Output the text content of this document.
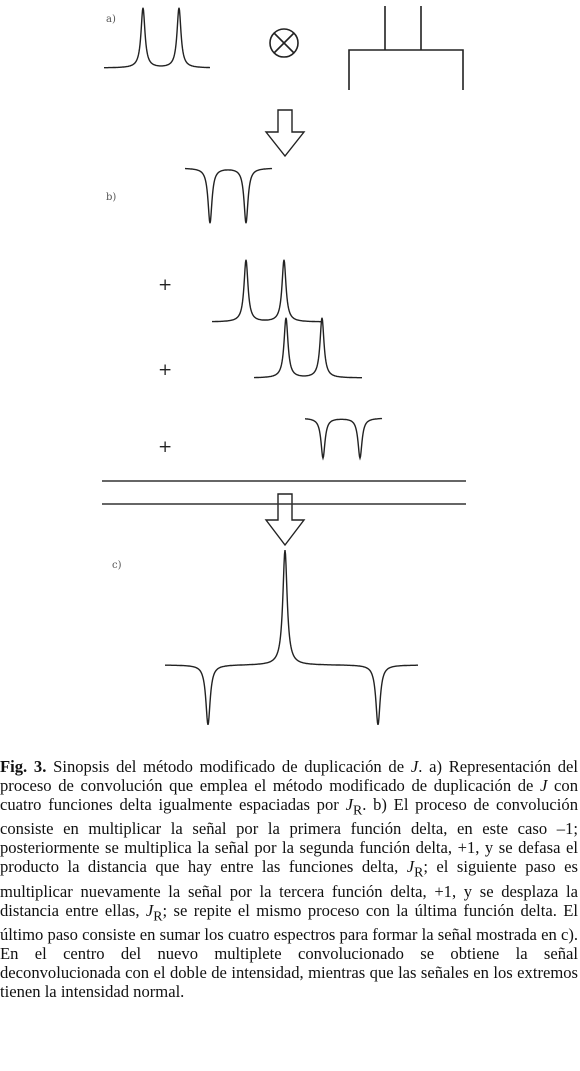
a)
b)
c)
+
+
+
Fig. 3. Sinopsis del método modificado de duplicación de J. a) Representación del proceso de convolución que emplea el método modificado de duplicación de J con cuatro funciones delta igualmente espaciadas por $J_R$. b) El proceso de convolución consiste en multiplicar la señal por la primera función delta, en este caso –1; posteriormente se multiplica la señal por la segunda función delta, +1, y se defasa el producto la distancia que hay entre las funciones delta, $J_R$; el siguiente paso es multiplicar nuevamente la señal por la tercera función delta, +1, y se desplaza la distancia entre ellas, $J_R$; se repite el mismo proceso con la última función delta. El último paso consiste en sumar los cuatro espectros para formar la señal mostrada en c). En el centro del nuevo multiplete convolucionado se obtiene la señal deconvolucionada con el doble de intensidad, mientras que las señales en los extremos tienen la intensidad normal.
